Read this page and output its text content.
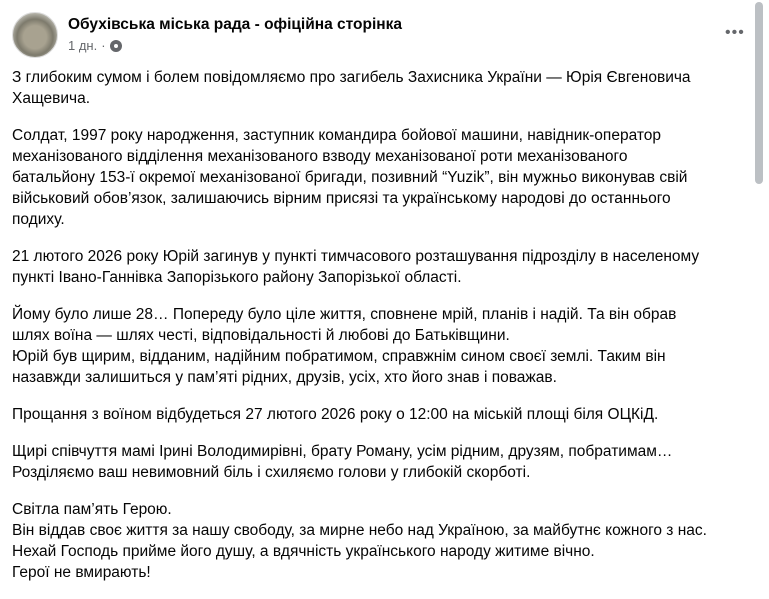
Обухівська міська рада - офіційна сторінка
1 дн. ·
•••
З глибоким сумом і болем повідомляємо про загибель Захисника України — Юрія Євгеновича
Хащевича.
Солдат, 1997 року народження, заступник командира бойової машини, навідник-оператор
механізованого відділення механізованого взводу механізованої роти механізованого
батальйону 153-ї окремої механізованої бригади, позивний “Yuzik”, він мужньо виконував свій
військовий обов’язок, залишаючись вірним присязі та українському народові до останнього
подиху.
21 лютого 2026 року Юрій загинув у пункті тимчасового розташування підрозділу в населеному
пункті Івано-Ганнівка Запорізького району Запорізької області.
Йому було лише 28… Попереду було ціле життя, сповнене мрій, планів і надій. Та він обрав
шлях воїна — шлях честі, відповідальності й любові до Батьківщини.
Юрій був щирим, відданим, надійним побратимом, справжнім сином своєї землі. Таким він
назавжди залишиться у пам’яті рідних, друзів, усіх, хто його знав і поважав.
Прощання з воїном відбудеться 27 лютого 2026 року о 12:00 на міській площі біля ОЦКіД.
Щирі співчуття мамі Ірині Володимирівні, брату Роману, усім рідним, друзям, побратимам…
Розділяємо ваш невимовний біль і схиляємо голови у глибокій скорботі.
Світла пам’ять Герою.
Він віддав своє життя за нашу свободу, за мирне небо над Україною, за майбутнє кожного з нас.
Нехай Господь прийме його душу, а вдячність українського народу житиме вічно.
Герої не вмирають!
